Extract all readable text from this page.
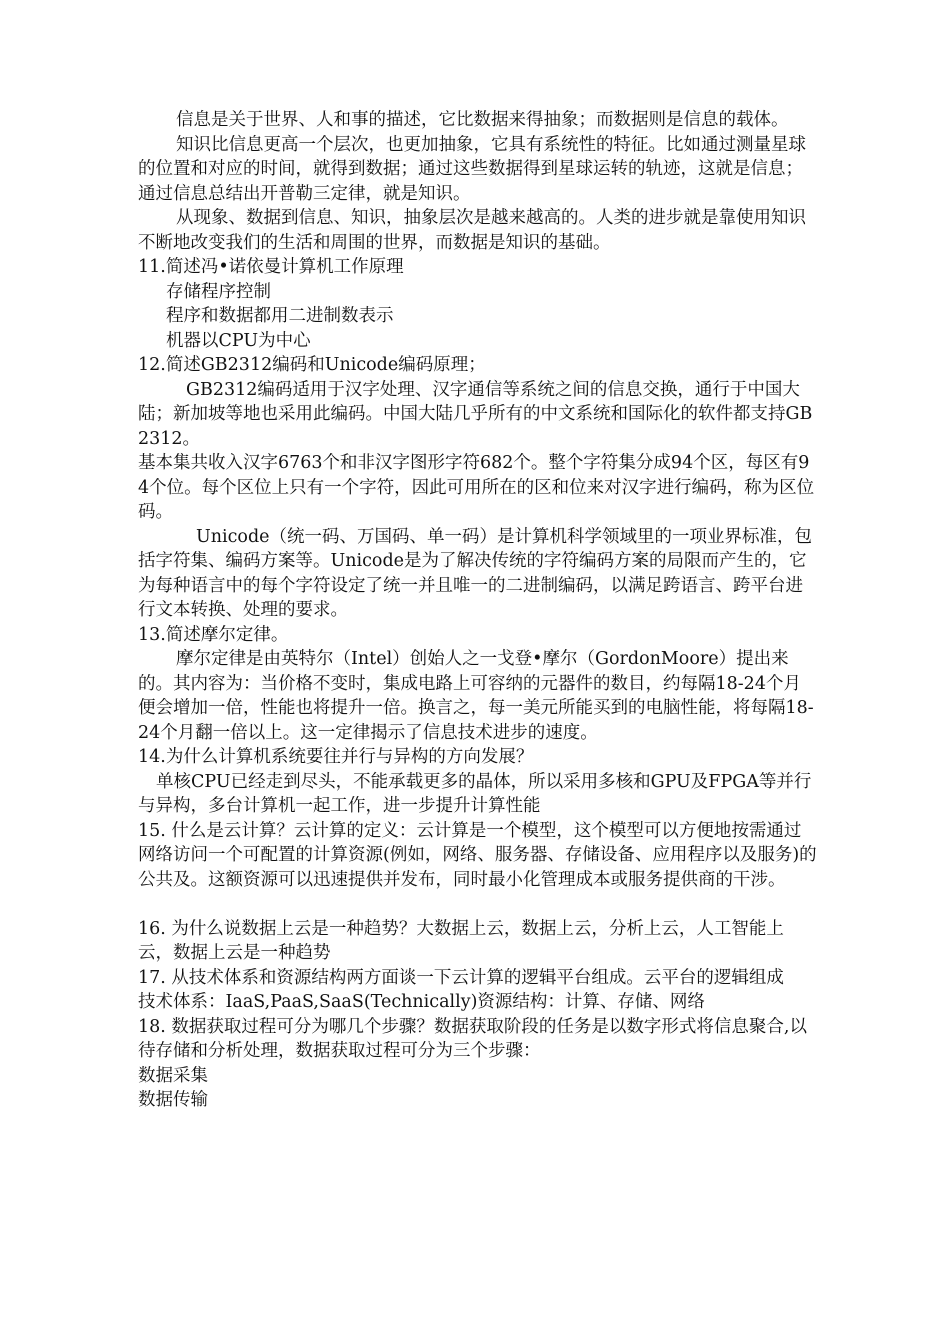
信息是关于世界、人和事的描述，它比数据来得抽象；而数据则是信息的载体。

知识比信息更高一个层次，也更加抽象，它具有系统性的特征。比如通过测量星球的位置和对应的时间，就得到数据；通过这些数据得到星球运转的轨迹，这就是信息；通过信息总结出开普勒三定律，就是知识。

从现象、数据到信息、知识，抽象层次是越来越高的。人类的进步就是靠使用知识不断地改变我们的生活和周围的世界，而数据是知识的基础。

11.简述冯•诺依曼计算机工作原理

存储程序控制

程序和数据都用二进制数表示

机器以CPU为中心

12.简述GB2312编码和Unicode编码原理；

GB2312编码适用于汉字处理、汉字通信等系统之间的信息交换，通行于中国大陆；新加坡等地也采用此编码。中国大陆几乎所有的中文系统和国际化的软件都支持GB2312。

基本集共收入汉字6763个和非汉字图形字符682个。整个字符集分成94个区，每区有94个位。每个区位上只有一个字符，因此可用所在的区和位来对汉字进行编码，称为区位码。

Unicode（统一码、万国码、单一码）是计算机科学领域里的一项业界标准，包括字符集、编码方案等。Unicode是为了解决传统的字符编码方案的局限而产生的，它为每种语言中的每个字符设定了统一并且唯一的二进制编码，以满足跨语言、跨平台进行文本转换、处理的要求。

13.简述摩尔定律。

摩尔定律是由英特尔（Intel）创始人之一戈登•摩尔（GordonMoore）提出来的。其内容为：当价格不变时，集成电路上可容纳的元器件的数目，约每隔18-24个月便会增加一倍，性能也将提升一倍。换言之，每一美元所能买到的电脑性能，将每隔18-24个月翻一倍以上。这一定律揭示了信息技术进步的速度。

14.为什么计算机系统要往并行与异构的方向发展？

单核CPU已经走到尽头，不能承载更多的晶体，所以采用多核和GPU及FPGA等并行与异构，多台计算机一起工作，进一步提升计算性能

15. 什么是云计算？云计算的定义：云计算是一个模型，这个模型可以方便地按需通过网络访问一个可配置的计算资源(例如，网络、服务器、存储设备、应用程序以及服务)的公共及。这额资源可以迅速提供并发布，同时最小化管理成本或服务提供商的干涉。

16. 为什么说数据上云是一种趋势？大数据上云，数据上云，分析上云，人工智能上云，数据上云是一种趋势

17. 从技术体系和资源结构两方面谈一下云计算的逻辑平台组成。云平台的逻辑组成

技术体系：IaaS,PaaS,SaaS(Technically)资源结构：计算、存储、网络

18. 数据获取过程可分为哪几个步骤？数据获取阶段的任务是以数字形式将信息聚合,以待存储和分析处理，数据获取过程可分为三个步骤：

数据采集

数据传输
